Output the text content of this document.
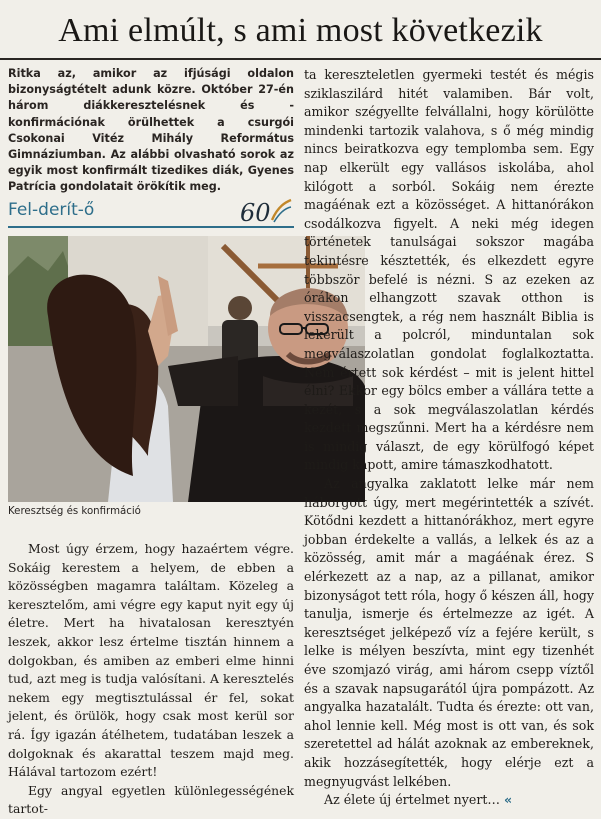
Ami elmúlt, s ami most következik

Ritka az, amikor az ifjúsági oldalon bizonyságtételt adunk közre. Október 27-én három diákkeresztelésnek és -konfirmációnak örülhettek a csurgói Csokonai Vitéz Mihály Református Gimnáziumban. Az alábbi olvasható sorok az egyik most konfirmált tizedikes diák, Gyenes Patrícia gondolatait örökítik meg.

Fel-derít-ő	60
Keresztség és konfirmáció

Most úgy érzem, hogy hazaértem végre. Sokáig kerestem a helyem, de ebben a közösségben magamra találtam. Közeleg a keresztelőm, ami végre egy kaput nyit egy új életre. Mert ha hivatalosan keresztyén leszek, akkor lesz értelme tisztán hinnem a dolgokban, és amiben az emberi elme hinni tud, azt meg is tudja valósítani. A keresztelés nekem egy megtisztulással ér fel, sokat jelent, és örülök, hogy csak most kerül sor rá. Így igazán átélhetem, tudatában leszek a dolgoknak és akarattal teszem majd meg. Hálával tartozom ezért!

Egy angyal egyetlen különlegességének tartot-

ta kereszteletlen gyermeki testét és mégis sziklaszilárd hitét valamiben. Bár volt, amikor szégyellte felvállalni, hogy körülötte mindenki tartozik valahova, s ő még mindig nincs beiratkozva egy templomba sem. Egy nap elkerült egy vallásos iskolába, ahol kilógott a sorból. Sokáig nem érezte magáénak ezt a közösséget. A hittanórákon csodálkozva figyelt. A neki még idegen történetek tanulságai sokszor magába tekintésre késztették, és elkezdett egyre többször befelé is nézni. S az ezeken az órákon elhangzott szavak otthon is visszacsengtek, a rég nem használt Biblia is lekerült a polcról, minduntalan sok megválaszolatlan gondolat foglalkoztatta. Nem értett sok kérdést – mit is jelent hittel élni? Ekkor egy bölcs ember a vállára tette a kezét, s a sok megválaszolatlan kérdés kezdett megszűnni. Mert ha a kérdésre nem is mindig választ, de egy körülfogó képet mindig kapott, amire támaszkodhatott.

Az angyalka zaklatott lelke már nem háborgott úgy, mert megérintették a szívét. Kötődni kezdett a hittanórákhoz, mert egyre jobban érdekelte a vallás, a lelkek és az a közösség, amit már a magáénak érez. S elérkezett az a nap, az a pillanat, amikor bizonyságot tett róla, hogy ő készen áll, hogy tanulja, ismerje és értelmezze az igét. A keresztséget jelképező víz a fejére került, s lelke is mélyen beszívta, mint egy tizenhét éve szomjazó virág, ami három csepp víztől és a szavak napsugarától újra pompázott. Az angyalka hazatalált. Tudta és érezte: ott van, ahol lennie kell. Még most is ott van, és sok szeretettel ad hálát azoknak az embereknek, akik hozzásegítették, hogy elérje ezt a megnyugvást lelkében.

Az élete új értelmet nyert… «
